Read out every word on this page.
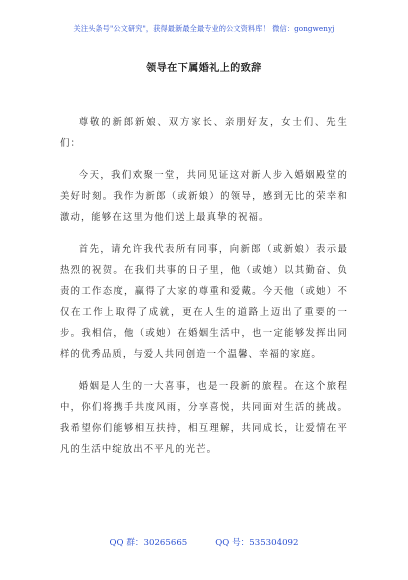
关注头条号"公文研究"，获得最新最全最专业的公文资料库！ 微信：gongwenyj
领导在下属婚礼上的致辞

尊敬的新郎新娘、双方家长、亲朋好友，女士们、先生们：

今天，我们欢聚一堂，共同见证这对新人步入婚姻殿堂的美好时刻。我作为新郎（或新娘）的领导，感到无比的荣幸和激动，能够在这里为他们送上最真挚的祝福。

首先，请允许我代表所有同事，向新郎（或新娘）表示最热烈的祝贺。在我们共事的日子里，他（或她）以其勤奋、负责的工作态度，赢得了大家的尊重和爱戴。今天他（或她）不仅在工作上取得了成就，更在人生的道路上迈出了重要的一步。我相信，他（或她）在婚姻生活中，也一定能够发挥出同样的优秀品质，与爱人共同创造一个温馨、幸福的家庭。

婚姻是人生的一大喜事，也是一段新的旅程。在这个旅程中，你们将携手共度风雨，分享喜悦，共同面对生活的挑战。我希望你们能够相互扶持，相互理解，共同成长，让爱情在平凡的生活中绽放出不平凡的光芒。

QQ 群：30265665	QQ 号：535304092
